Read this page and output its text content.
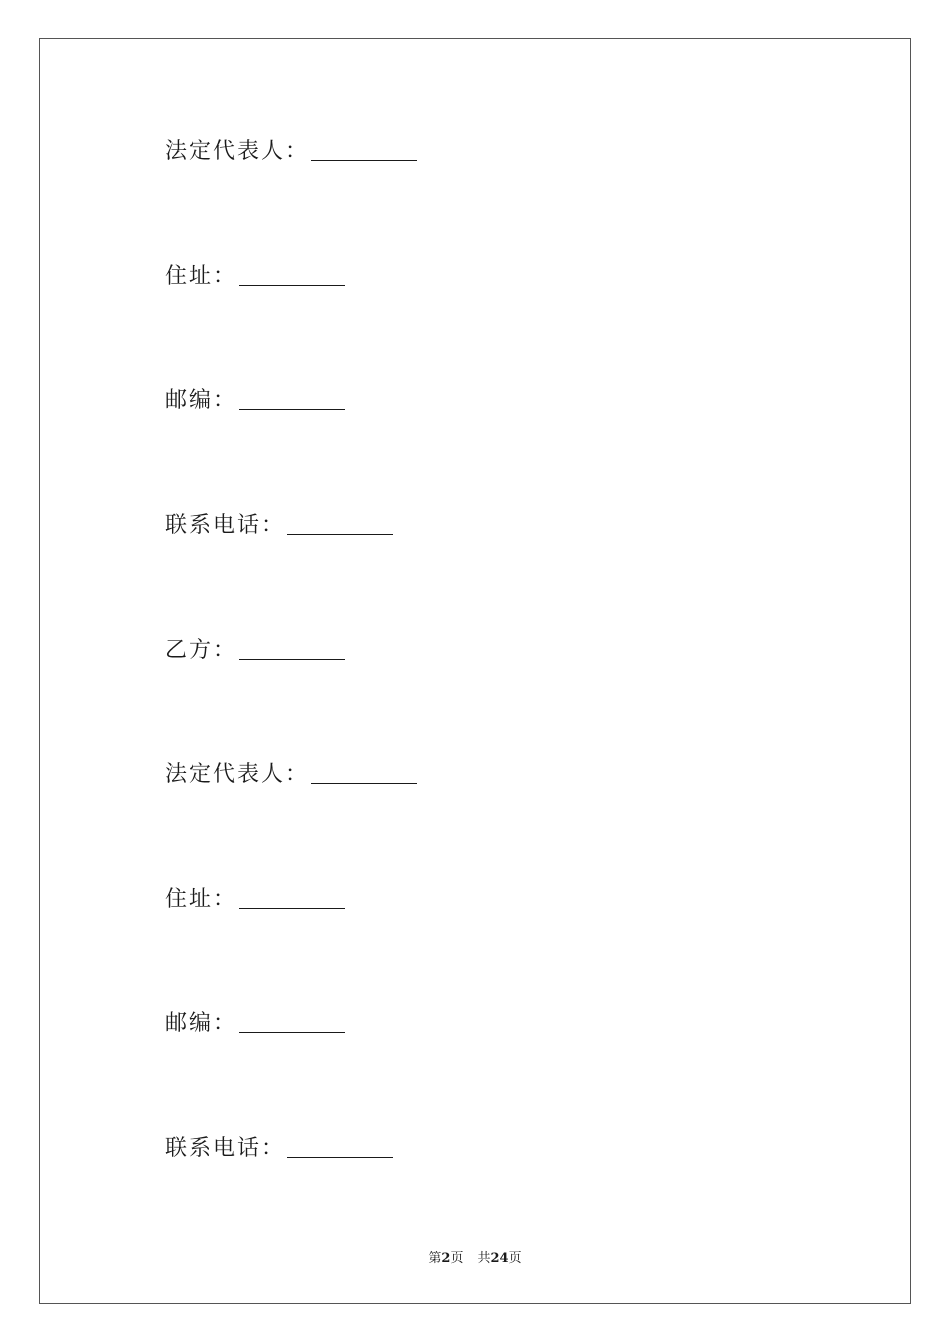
法定代表人：
住址：
邮编：
联系电话：
乙方：
法定代表人：
住址：
邮编：
联系电话：
第2页 共24页
